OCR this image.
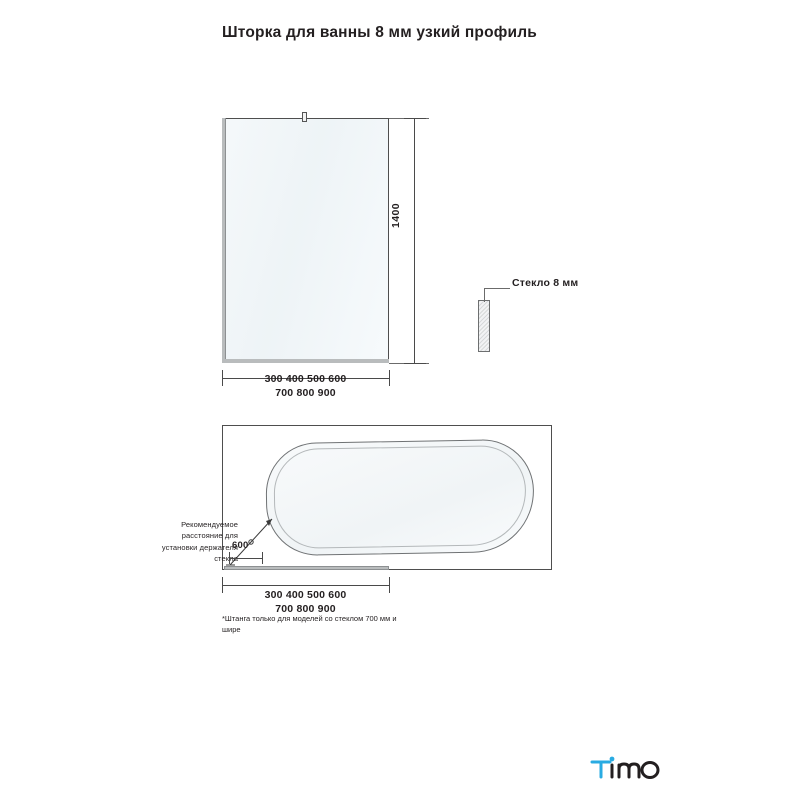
Шторка для ванны 8 мм узкий профиль
1400
300 400 500 600
700 800 900
Стекло 8 мм
Рекомендуемое расстояние для установки держателя стекла
600
300 400 500 600
700 800 900
*Штанга только для моделей со стеклом 700 мм и шире
